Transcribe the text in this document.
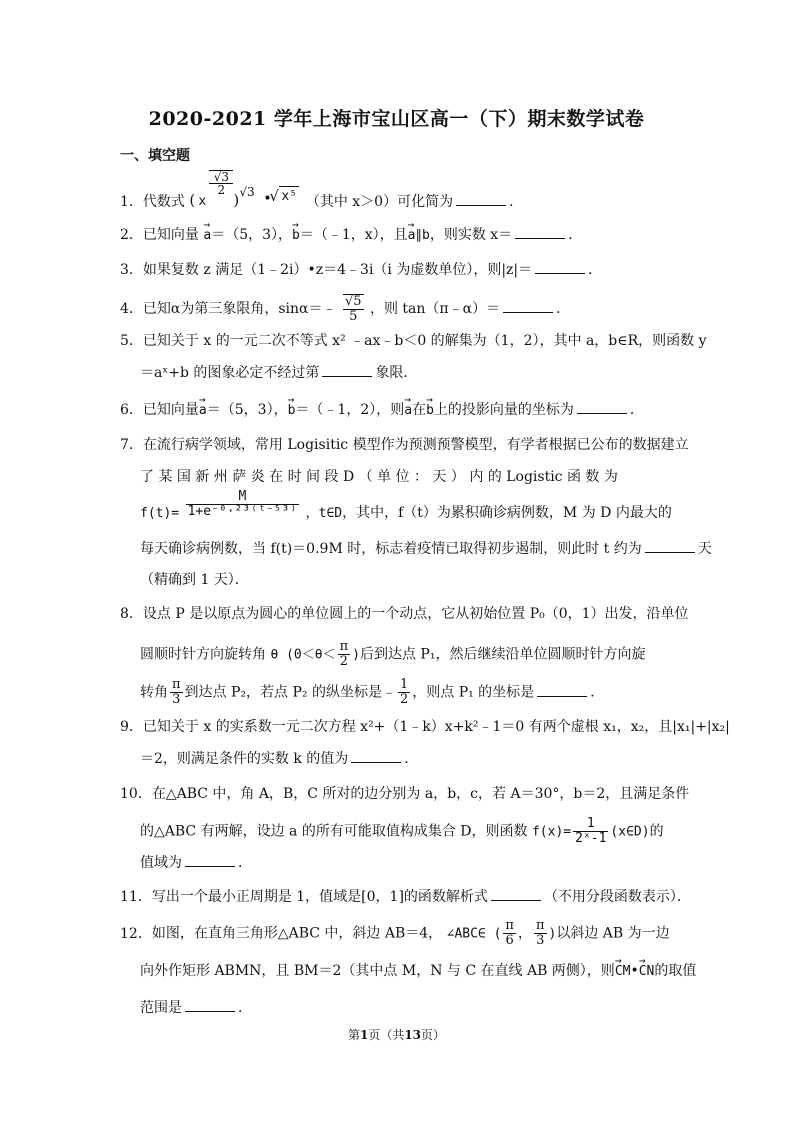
2020-2021 学年上海市宝山区高一（下）期末数学试卷
一、填空题
1．代数式 ( x
$\frac{√3}{2}$
) √3 •
√ x⁵ （其中 x＞0）可化简为	．
2．已知向量 → a＝（5，3），→ b＝（﹣1，x），且→ a∥b，则实数 x＝	．
3．如果复数 z 满足（1﹣2i）•z＝4﹣3i（i 为虚数单位），则|z|＝	．
4．已知α为第三象限角，sinα＝﹣ $\frac{√5}{5}$ ，则 tan（π﹣α）＝	．
5．已知关于 x 的一元二次不等式 x² ﹣ax﹣b＜0 的解集为（1，2），其中 a，b∈R，则函数 y
＝aˣ+b 的图象必定不经过第	象限．
6．已知向量→ a＝（5，3），→ b＝（﹣1，2），则→ a在→ b上的投影向量的坐标为	．
7．在流行病学领域，常用 Logisitic 模型作为预测预警模型，有学者根据已公布的数据建立
了 某 国 新 州 萨 炎 在 时 间 段 D （ 单 位 ： 天 ） 内 的 Logistic 函 数 为
$f(t)= \frac{M}{\text{1+e⁻⁰·²³⁽ᵗ⁻⁵³⁾}}$ ，t∈D，其中，f（t）为累积确诊病例数，M 为 D 内最大的
每天确诊病例数，当 f(t)＝0.9M 时，标志着疫情已取得初步遏制，则此时 t 约为	天
（精确到 1 天）．
8．设点 P 是以原点为圆心的单位圆上的一个动点，它从初始位置 P₀（0，1）出发，沿单位
圆顺时针方向旋转角 θ ($0<\theta< \frac{\pi}{2}$ )后到达点 P₁，然后继续沿单位圆顺时针方向旋
转角 $\frac{\pi}{3}$ 到达点 P₂，若点 P₂ 的纵坐标是﹣ $\frac{1}{2}$ ，则点 P₁ 的坐标是	．
9．已知关于 x 的实系数一元二次方程 x²+（1﹣k）x+k²﹣1＝0 有两个虚根 x₁，x₂，且|x₁|+|x₂|
＝2，则满足条件的实数 k 的值为	．
10．在△ABC 中，角 A，B，C 所对的边分别为 a，b，c，若 A＝30°，b＝2，且满足条件
的△ABC 有两解，设边 a 的所有可能取值构成集合 D，则函数 $f(x)= \frac{1}{\text{2ˣ-1}}$ (x∈D)的
值域为	．
11．写出一个最小正周期是 1，值域是[0，1]的函数解析式	（不用分段函数表示）．
12．如图，在直角三角形△ABC 中，斜边 AB＝4， ∠ABC∈ ( $\frac{\pi}{6}$ ， $\frac{\pi}{3}$ )以斜边 AB 为一边
向外作矩形 ABMN，且 BM＝2（其中点 M，N 与 C 在直线 AB 两侧），则→ CM•→ CN的取值
范围是	．
第1页（共13页）
